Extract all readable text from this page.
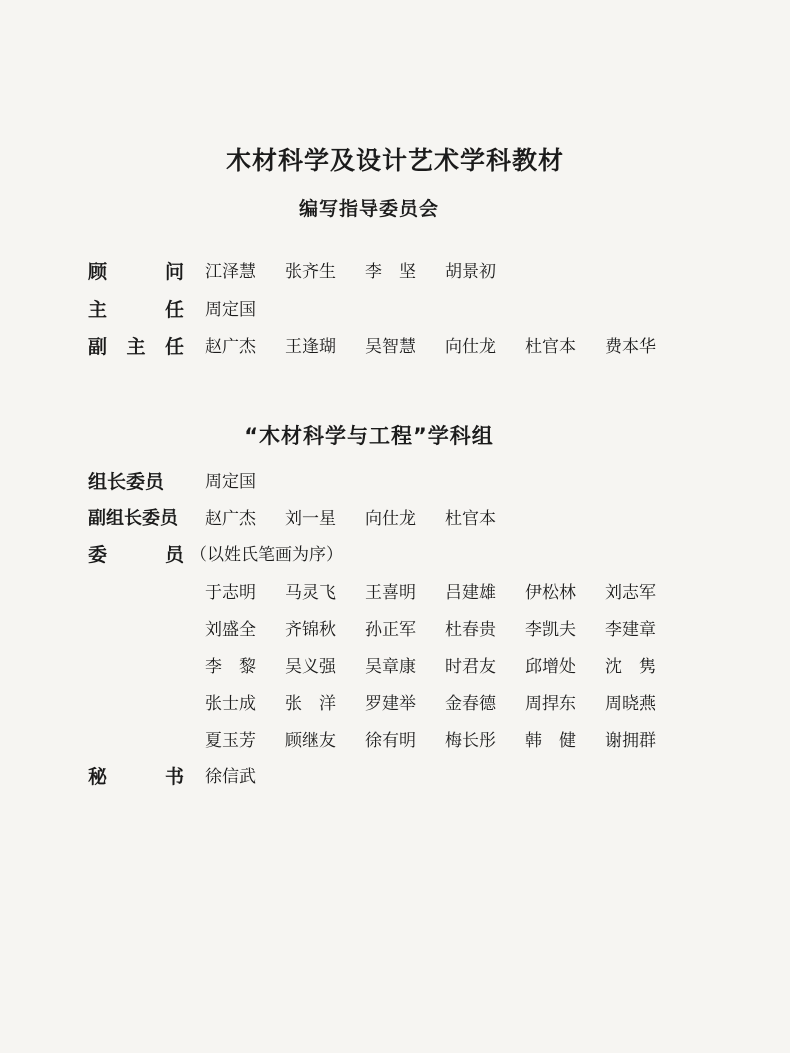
木材科学及设计艺术学科教材
编写指导委员会
顾	问 江泽慧 张齐生 李　坚 胡景初
主	任 周定国
副 主 任 赵广杰 王逢瑚 吴智慧 向仕龙 杜官本 费本华
“木材科学与工程”学科组
组长委员	周定国
副组长委员	赵广杰 刘一星 向仕龙 杜官本
委	员 （以姓氏笔画为序）
于志明 马灵飞 王喜明 吕建雄 伊松林 刘志军
刘盛全 齐锦秋 孙正军 杜春贵 李凯夫 李建章
李　黎 吴义强 吴章康 时君友 邱增处 沈　隽
张士成 张　洋 罗建举 金春德 周捍东 周晓燕
夏玉芳 顾继友 徐有明 梅长彤 韩　健 谢拥群
秘	书 徐信武
